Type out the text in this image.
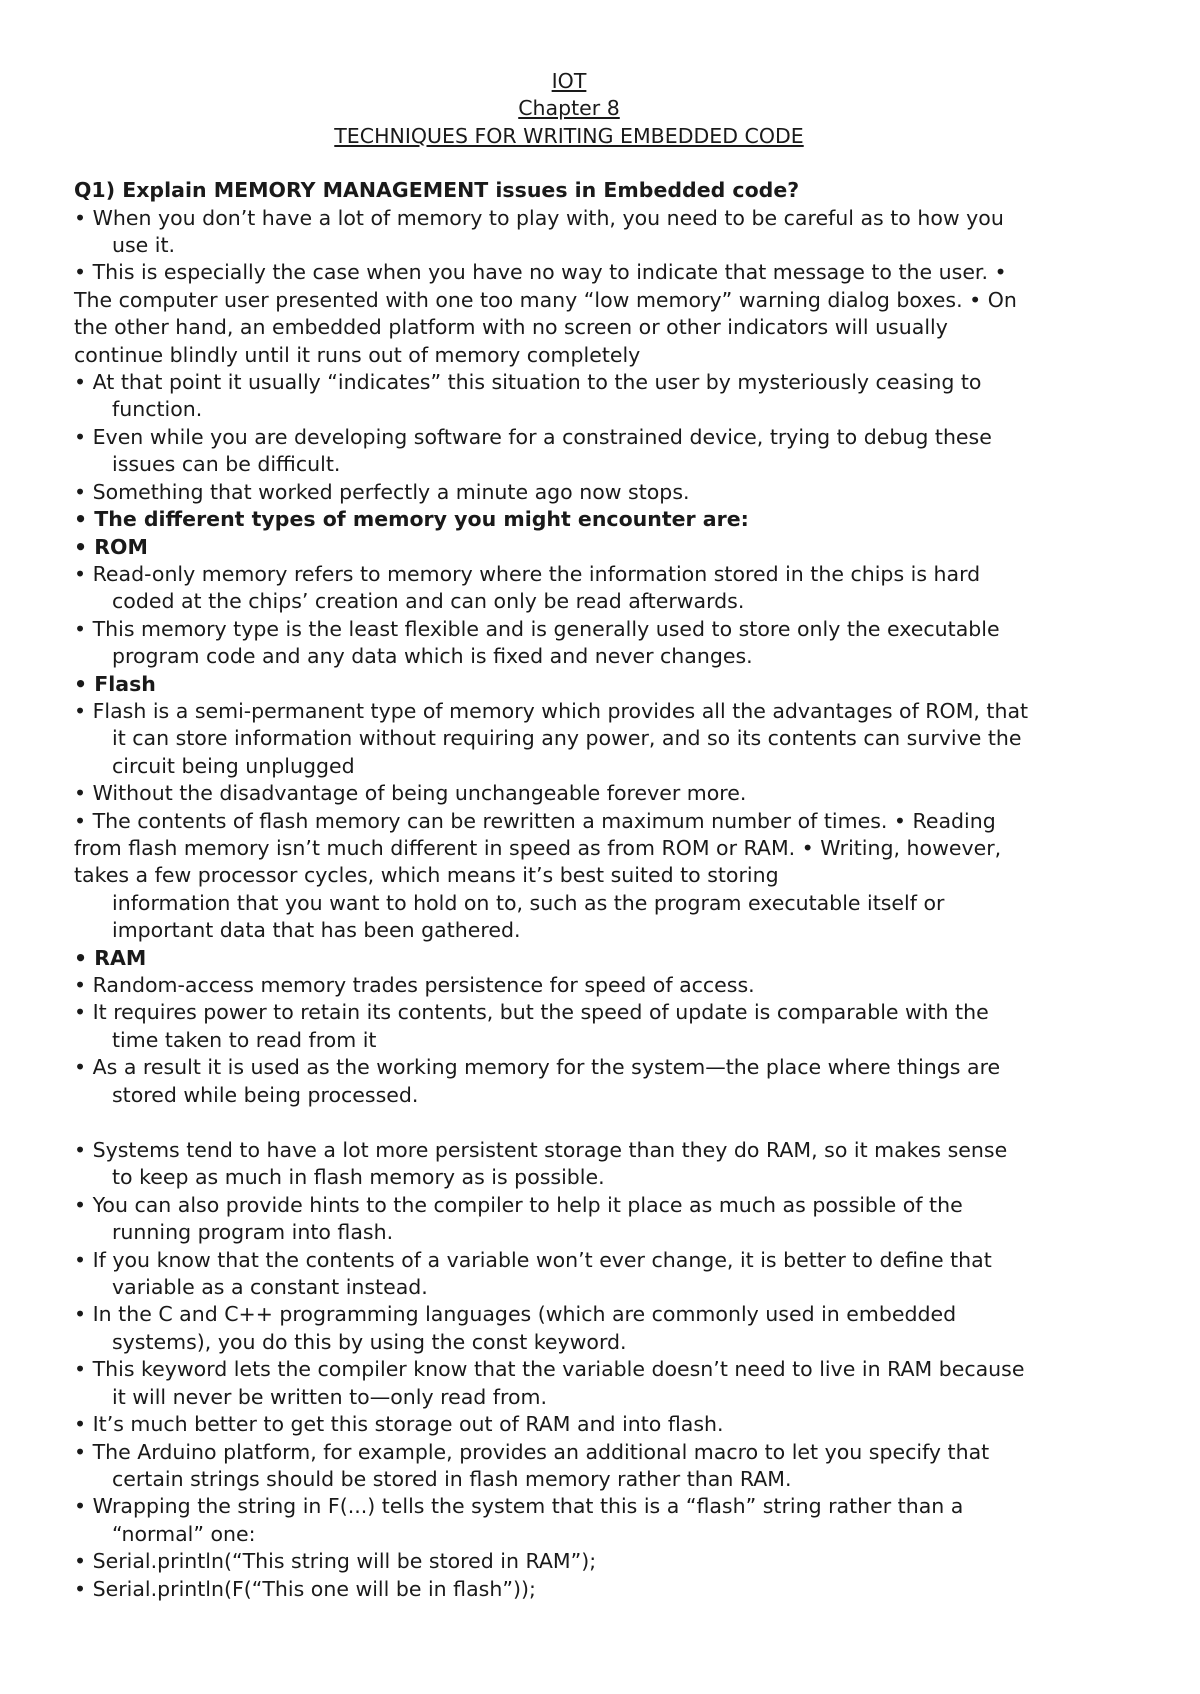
IOT
Chapter 8
TECHNIQUES FOR WRITING EMBEDDED CODE
Q1) Explain MEMORY MANAGEMENT issues in Embedded code?
• When you don’t have a lot of memory to play with, you need to be careful as to how you
use it.
• This is especially the case when you have no way to indicate that message to the user. •
The computer user presented with one too many “low memory” warning dialog boxes. • On
the other hand, an embedded platform with no screen or other indicators will usually
continue blindly until it runs out of memory completely
• At that point it usually “indicates” this situation to the user by mysteriously ceasing to
function.
• Even while you are developing software for a constrained device, trying to debug these
issues can be difficult.
• Something that worked perfectly a minute ago now stops.
• The different types of memory you might encounter are:
• ROM
• Read-only memory refers to memory where the information stored in the chips is hard
coded at the chips’ creation and can only be read afterwards.
• This memory type is the least flexible and is generally used to store only the executable
program code and any data which is fixed and never changes.
• Flash
• Flash is a semi-permanent type of memory which provides all the advantages of ROM, that
it can store information without requiring any power, and so its contents can survive the
circuit being unplugged
• Without the disadvantage of being unchangeable forever more.
• The contents of flash memory can be rewritten a maximum number of times. • Reading
from flash memory isn’t much different in speed as from ROM or RAM. • Writing, however,
takes a few processor cycles, which means it’s best suited to storing
information that you want to hold on to, such as the program executable itself or
important data that has been gathered.
• RAM
• Random-access memory trades persistence for speed of access.
• It requires power to retain its contents, but the speed of update is comparable with the
time taken to read from it
• As a result it is used as the working memory for the system—the place where things are
stored while being processed.
• Systems tend to have a lot more persistent storage than they do RAM, so it makes sense
to keep as much in flash memory as is possible.
• You can also provide hints to the compiler to help it place as much as possible of the
running program into flash.
• If you know that the contents of a variable won’t ever change, it is better to define that
variable as a constant instead.
• In the C and C++ programming languages (which are commonly used in embedded
systems), you do this by using the const keyword.
• This keyword lets the compiler know that the variable doesn’t need to live in RAM because
it will never be written to—only read from.
• It’s much better to get this storage out of RAM and into flash.
• The Arduino platform, for example, provides an additional macro to let you specify that
certain strings should be stored in flash memory rather than RAM.
• Wrapping the string in F(...) tells the system that this is a “flash” string rather than a
“normal” one:
• Serial.println(“This string will be stored in RAM”);
• Serial.println(F(“This one will be in flash”));
